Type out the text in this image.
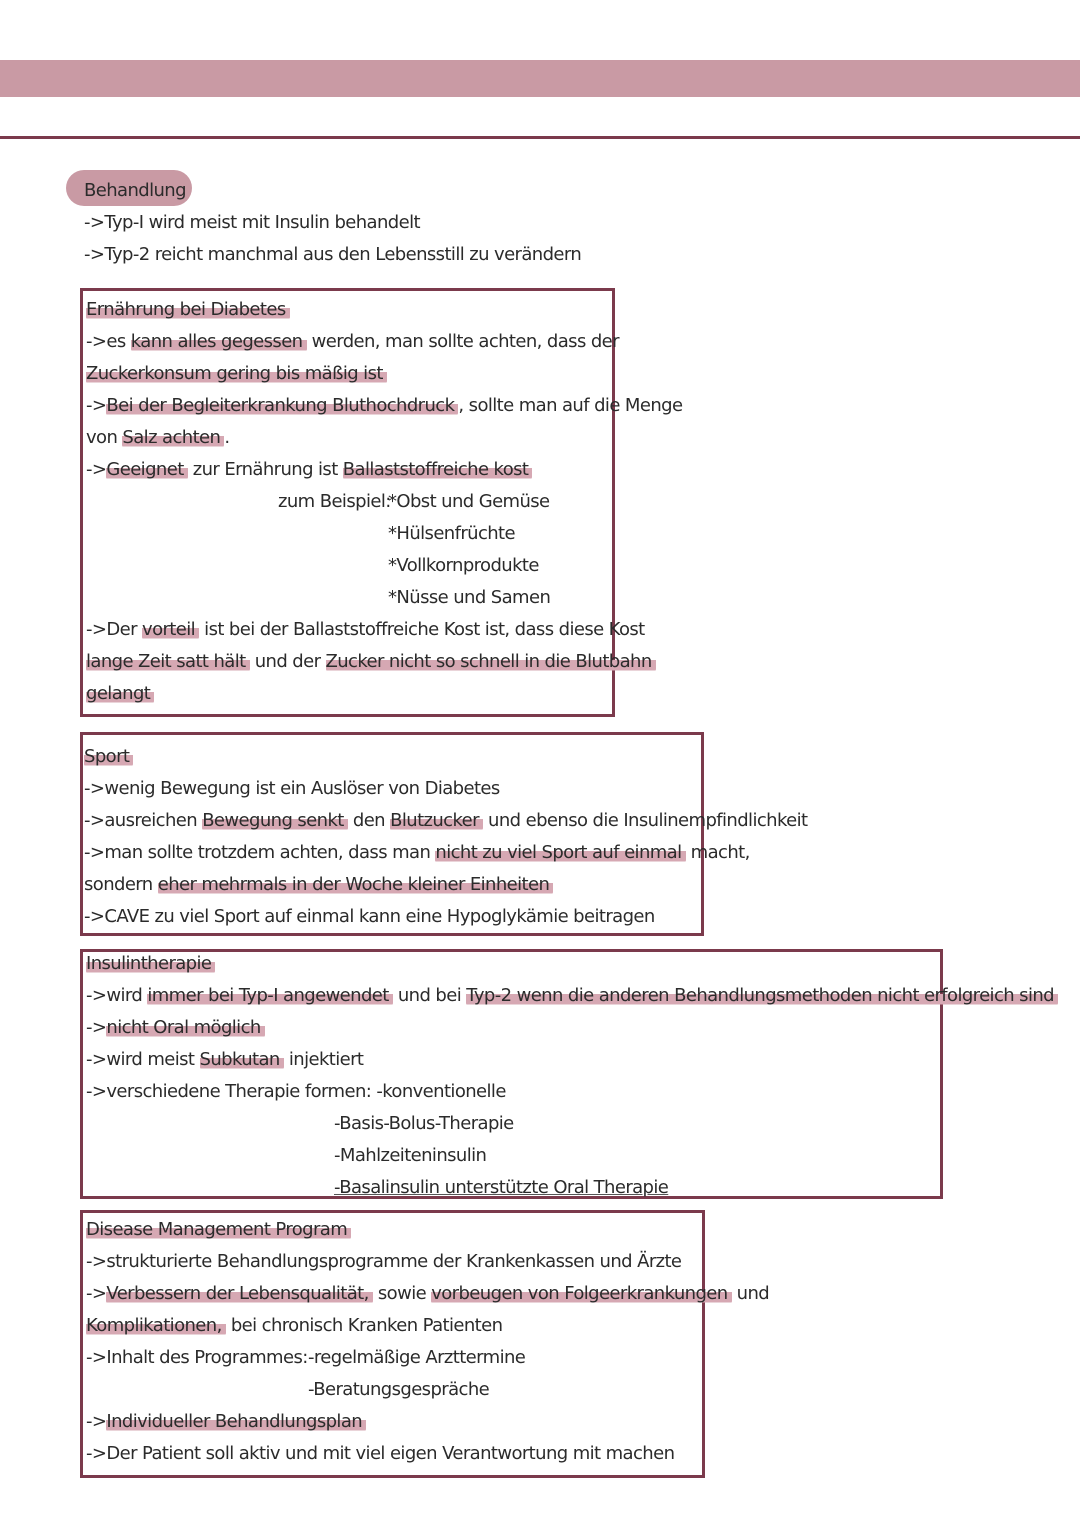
Behandlung
->Typ-I wird meist mit Insulin behandelt
->Typ-2 reicht manchmal aus den Lebensstill zu verändern
Ernährung bei Diabetes
->es kann alles gegessen werden, man sollte achten, dass der
Zuckerkonsum gering bis mäßig ist
->Bei der Begleiterkrankung Bluthochdruck , sollte man auf die Menge
von Salz achten .
->Geeignet zur Ernährung ist Ballaststoffreiche kost
zum Beispiel:
*Obst und Gemüse
*Hülsenfrüchte
*Vollkornprodukte
*Nüsse und Samen
->Der vorteil ist bei der Ballaststoffreiche Kost ist, dass diese Kost
lange Zeit satt hält und der Zucker nicht so schnell in die Blutbahn
gelangt
Sport
->wenig Bewegung ist ein Auslöser von Diabetes
->ausreichen Bewegung senkt den Blutzucker und ebenso die Insulinempfindlichkeit
->man sollte trotzdem achten, dass man nicht zu viel Sport auf einmal macht,
sondern eher mehrmals in der Woche kleiner Einheiten
->CAVE zu viel Sport auf einmal kann eine Hypoglykämie beitragen
Insulintherapie
->wird immer bei Typ-I angewendet und bei Typ-2 wenn die anderen Behandlungsmethoden nicht erfolgreich sind
->nicht Oral möglich
->wird meist Subkutan injektiert
->verschiedene Therapie formen: -konventionelle
-Basis-Bolus-Therapie
-Mahlzeiteninsulin
-Basalinsulin unterstützte Oral Therapie
Disease Management Program
->strukturierte Behandlungsprogramme der Krankenkassen und Ärzte
->Verbessern der Lebensqualität, sowie vorbeugen von Folgeerkrankungen und
Komplikationen, bei chronisch Kranken Patienten
->Inhalt des Programmes: -regelmäßige Arzttermine
-Beratungsgespräche
->Individueller Behandlungsplan
->Der Patient soll aktiv und mit viel eigen Verantwortung mit machen
